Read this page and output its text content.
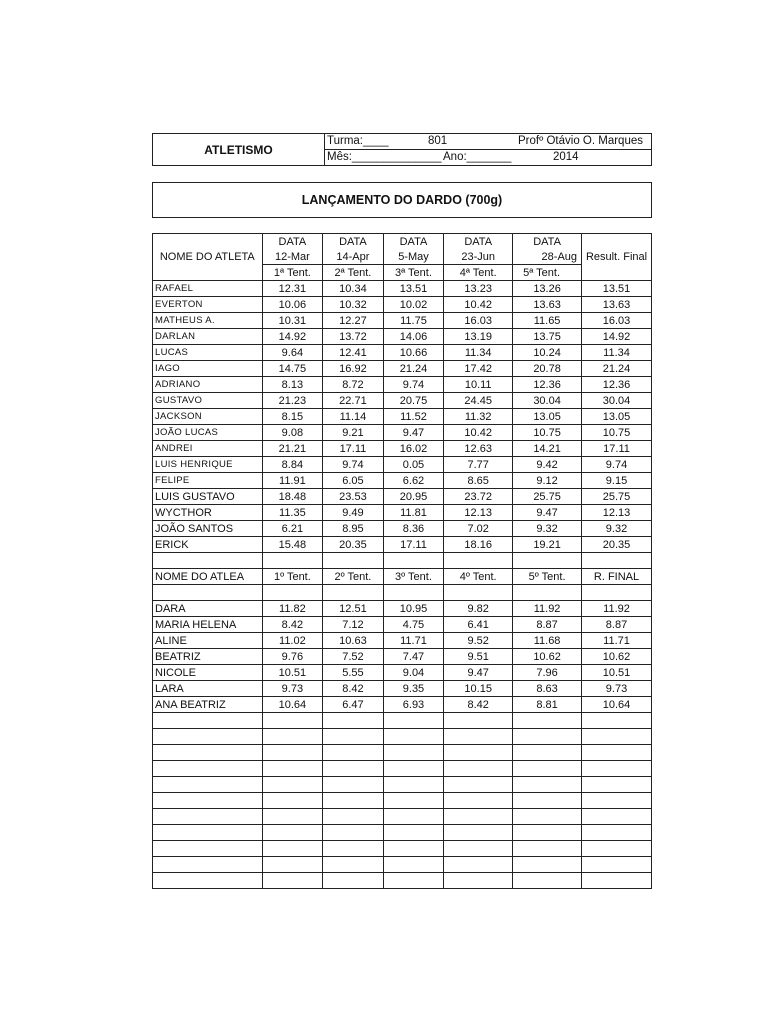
ATLETISMO
Turma:____	801	Profº Otávio O. Marques
Mês:______________ Ano:_______	2014
LANÇAMENTO DO DARDO (700g)
NOME DO ATLETA	DATA	DATA	DATA	DATA	DATA	Result. Final
	12-Mar	14-Apr	5-May	23-Jun	28-Aug	
	1ª Tent.	2ª Tent.	3ª Tent.	4ª Tent.	5ª Tent.	
RAFAEL	12.31	10.34	13.51	13.23	13.26	13.51
EVERTON	10.06	10.32	10.02	10.42	13.63	13.63
MATHEUS A.	10.31	12.27	11.75	16.03	11.65	16.03
DARLAN	14.92	13.72	14.06	13.19	13.75	14.92
LUCAS	9.64	12.41	10.66	11.34	10.24	11.34
IAGO	14.75	16.92	21.24	17.42	20.78	21.24
ADRIANO	8.13	8.72	9.74	10.11	12.36	12.36
GUSTAVO	21.23	22.71	20.75	24.45	30.04	30.04
JACKSON	8.15	11.14	11.52	11.32	13.05	13.05
JOÃO LUCAS	9.08	9.21	9.47	10.42	10.75	10.75
ANDREI	21.21	17.11	16.02	12.63	14.21	17.11
LUIS HENRIQUE	8.84	9.74	0.05	7.77	9.42	9.74
FELIPE	11.91	6.05	6.62	8.65	9.12	9.15
LUIS GUSTAVO	18.48	23.53	20.95	23.72	25.75	25.75
WYCTHOR	11.35	9.49	11.81	12.13	9.47	12.13
JOÃO SANTOS	6.21	8.95	8.36	7.02	9.32	9.32
ERICK	15.48	20.35	17.11	18.16	19.21	20.35

NOME DO ATLEA	1º Tent.	2º Tent.	3º Tent.	4º Tent.	5º Tent.	R. FINAL

DARA	11.82	12.51	10.95	9.82	11.92	11.92
MARIA HELENA	8.42	7.12	4.75	6.41	8.87	8.87
ALINE	11.02	10.63	11.71	9.52	11.68	11.71
BEATRIZ	9.76	7.52	7.47	9.51	10.62	10.62
NICOLE	10.51	5.55	9.04	9.47	7.96	10.51
LARA	9.73	8.42	9.35	10.15	8.63	9.73
ANA BEATRIZ	10.64	6.47	6.93	8.42	8.81	10.64
